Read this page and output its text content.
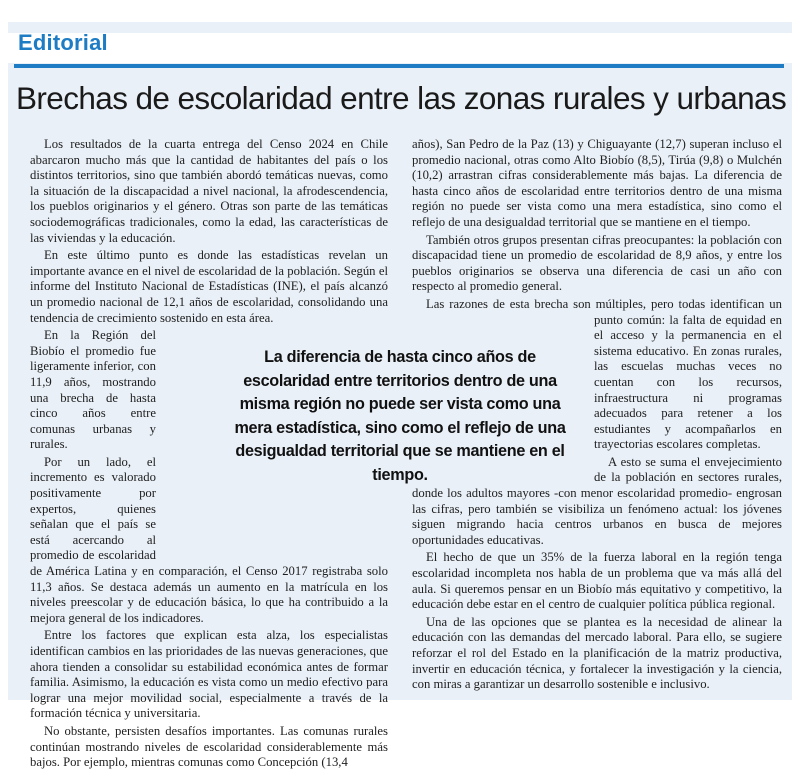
Editorial
Brechas de escolaridad entre las zonas rurales y urbanas

Los resultados de la cuarta entrega del Censo 2024 en Chile abarcaron mucho más que la cantidad de habitantes del país o los distintos territorios, sino que también abordó temáticas nuevas, como la situación de la discapacidad a nivel nacional, la afrodescendencia, los pueblos originarios y el género. Otras son parte de las temáticas sociodemográficas tradicionales, como la edad, las características de las viviendas y la educación.

En este último punto es donde las estadísticas revelan un importante avance en el nivel de escolaridad de la población. Según el informe del Instituto Nacional de Estadísticas (INE), el país alcanzó un promedio nacional de 12,1 años de escolaridad, consolidando una tendencia de crecimiento sostenido en esta área.

En la Región del Biobío el promedio fue ligeramente inferior, con 11,9 años, mostrando una brecha de hasta cinco años entre comunas urbanas y rurales.

Por un lado, el incremento es valorado positivamente por expertos, quienes señalan que el país se está acercando al promedio de escolaridad de América Latina y en comparación, el Censo 2017 registraba solo 11,3 años. Se destaca además un aumento en la matrícula en los niveles preescolar y de educación básica, lo que ha contribuido a la mejora general de los indicadores.

Entre los factores que explican esta alza, los especialistas identifican cambios en las prioridades de las nuevas generaciones, que ahora tienden a consolidar su estabilidad económica antes de formar familia. Asimismo, la educación es vista como un medio efectivo para lograr una mejor movilidad social, especialmente a través de la formación técnica y universitaria.

No obstante, persisten desafíos importantes. Las comunas rurales continúan mostrando niveles de escolaridad considerablemente más bajos. Por ejemplo, mientras comunas como Concepción (13,4

años), San Pedro de la Paz (13) y Chiguayante (12,7) superan incluso el promedio nacional, otras como Alto Biobío (8,5), Tirúa (9,8) o Mulchén (10,2) arrastran cifras considerablemente más bajas. La diferencia de hasta cinco años de escolaridad entre territorios dentro de una misma región no puede ser vista como una mera estadística, sino como el reflejo de una desigualdad territorial que se mantiene en el tiempo.

También otros grupos presentan cifras preocupantes: la población con discapacidad tiene un promedio de escolaridad de 8,9 años, y entre los pueblos originarios se observa una diferencia de casi un año con respecto al promedio general.

Las razones de esta brecha son múltiples, pero todas identifican un punto común: la falta de equidad en el acceso y la permanencia en el sistema educativo. En zonas rurales, las escuelas muchas veces no cuentan con los recursos, infraestructura ni programas adecuados para retener a los estudiantes y acompañarlos en trayectorias escolares completas.

A esto se suma el envejecimiento de la población en sectores rurales, donde los adultos mayores -con menor escolaridad promedio- engrosan las cifras, pero también se visibiliza un fenómeno actual: los jóvenes siguen migrando hacia centros urbanos en busca de mejores oportunidades educativas.

El hecho de que un 35% de la fuerza laboral en la región tenga escolaridad incompleta nos habla de un problema que va más allá del aula. Si queremos pensar en un Biobío más equitativo y competitivo, la educación debe estar en el centro de cualquier política pública regional.

Una de las opciones que se plantea es la necesidad de alinear la educación con las demandas del mercado laboral. Para ello, se sugiere reforzar el rol del Estado en la planificación de la matriz productiva, invertir en educación técnica, y fortalecer la investigación y la ciencia, con miras a garantizar un desarrollo sostenible e inclusivo.

La diferencia de hasta cinco años de escolaridad entre territorios dentro de una misma región no puede ser vista como una mera estadística, sino como el reflejo de una desigualdad territorial que se mantiene en el tiempo.
